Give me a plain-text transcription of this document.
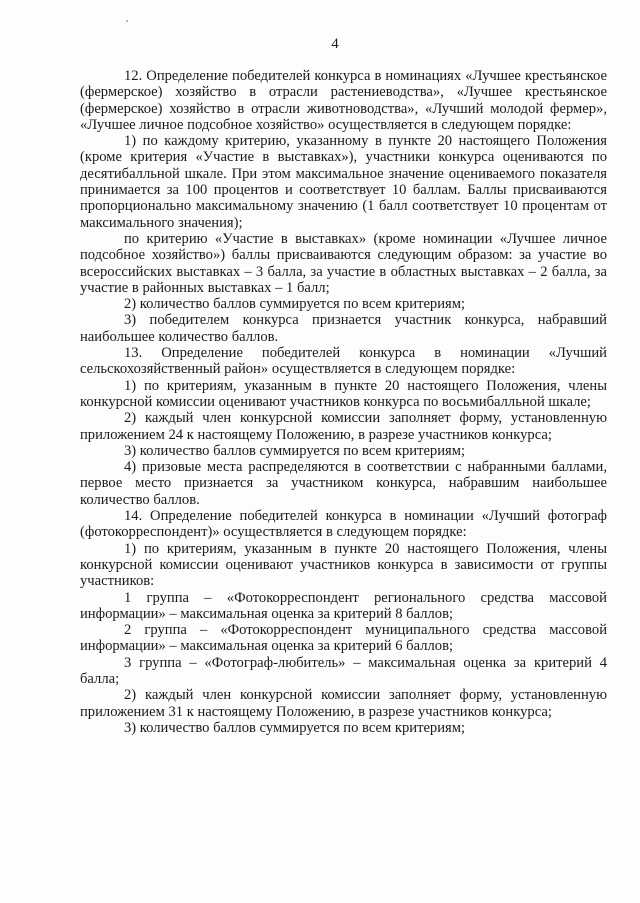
4

12. Определение победителей конкурса в номинациях «Лучшее крестьянское (фермерское) хозяйство в отрасли растениеводства», «Лучшее крестьянское (фермерское) хозяйство в отрасли животноводства», «Лучший молодой фермер», «Лучшее личное подсобное хозяйство» осуществляется в следующем порядке:

1) по каждому критерию, указанному в пункте 20 настоящего Положения (кроме критерия «Участие в выставках»), участники конкурса оцениваются по десятибалльной шкале. При этом максимальное значение оцениваемого показателя принимается за 100 процентов и соответствует 10 баллам. Баллы присваиваются пропорционально максимальному значению (1 балл соответствует 10 процентам от максимального значения);

по критерию «Участие в выставках» (кроме номинации «Лучшее личное подсобное хозяйство») баллы присваиваются следующим образом: за участие во всероссийских выставках – 3 балла, за участие в областных выставках – 2 балла, за участие в районных выставках – 1 балл;

2) количество баллов суммируется по всем критериям;

3) победителем конкурса признается участник конкурса, набравший наибольшее количество баллов.

13. Определение победителей конкурса в номинации «Лучший сельскохозяйственный район» осуществляется в следующем порядке:

1) по критериям, указанным в пункте 20 настоящего Положения, члены конкурсной комиссии оценивают участников конкурса по восьмибалльной шкале;

2) каждый член конкурсной комиссии заполняет форму, установленную приложением 24 к настоящему Положению, в разрезе участников конкурса;

3) количество баллов суммируется по всем критериям;

4) призовые места распределяются в соответствии с набранными баллами, первое место признается за участником конкурса, набравшим наибольшее количество баллов.

14. Определение победителей конкурса в номинации «Лучший фотограф (фотокорреспондент)» осуществляется в следующем порядке:

1) по критериям, указанным в пункте 20 настоящего Положения, члены конкурсной комиссии оценивают участников конкурса в зависимости от группы участников:

1 группа – «Фотокорреспондент регионального средства массовой информации» – максимальная оценка за критерий 8 баллов;

2 группа – «Фотокорреспондент муниципального средства массовой информации» – максимальная оценка за критерий 6 баллов;

3 группа – «Фотограф-любитель» – максимальная оценка за критерий 4 балла;

2) каждый член конкурсной комиссии заполняет форму, установленную приложением 31 к настоящему Положению, в разрезе участников конкурса;

3) количество баллов суммируется по всем критериям;
